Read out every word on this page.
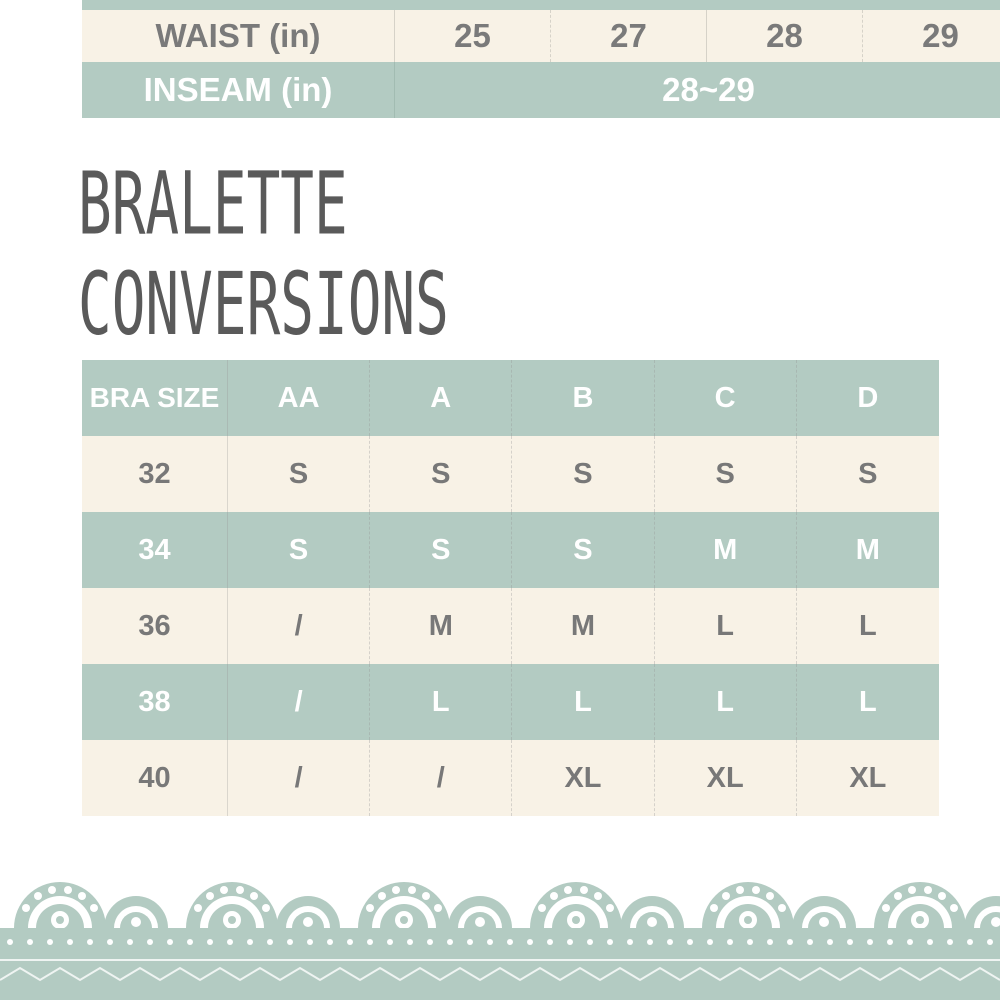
WAIST (in)	25	27	28	29
INSEAM (in)	28~29
BRALETTE CONVERSIONS
BRA SIZE	AA	A	B	C	D
32	S	S	S	S	S
34	S	S	S	M	M
36	/	M	M	L	L
38	/	L	L	L	L
40	/	/	XL	XL	XL
